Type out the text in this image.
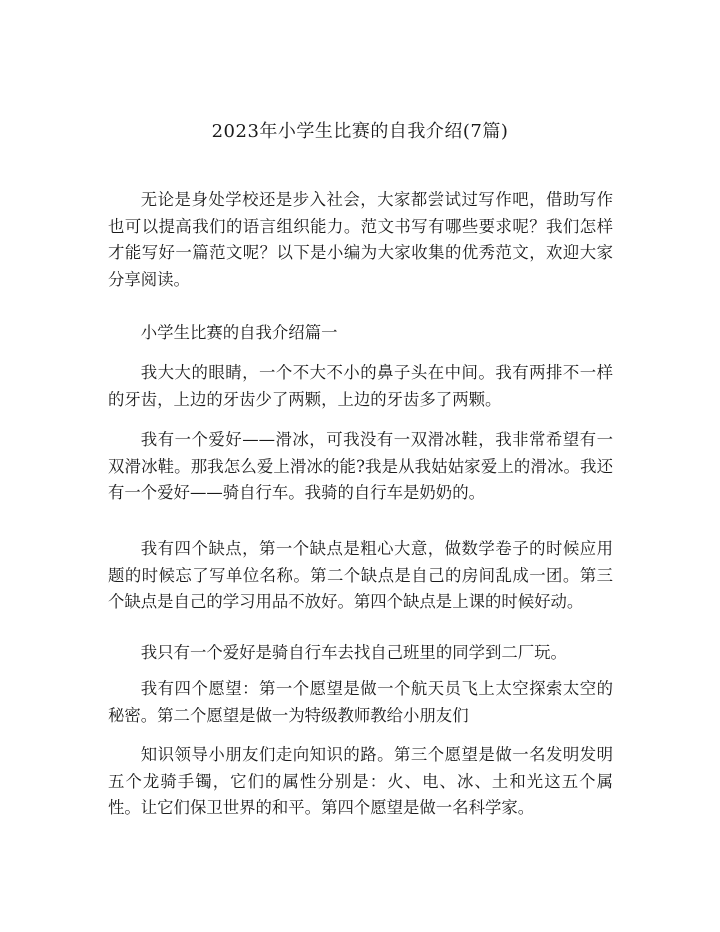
2023年小学生比赛的自我介绍(7篇)

无论是身处学校还是步入社会，大家都尝试过写作吧，借助写作也可以提高我们的语言组织能力。范文书写有哪些要求呢？我们怎样才能写好一篇范文呢？以下是小编为大家收集的优秀范文，欢迎大家分享阅读。

小学生比赛的自我介绍篇一

我大大的眼睛，一个不大不小的鼻子头在中间。我有两排不一样的牙齿，上边的牙齿少了两颗，上边的牙齿多了两颗。

我有一个爱好——滑冰，可我没有一双滑冰鞋，我非常希望有一双滑冰鞋。那我怎么爱上滑冰的能?我是从我姑姑家爱上的滑冰。我还有一个爱好——骑自行车。我骑的自行车是奶奶的。

我有四个缺点，第一个缺点是粗心大意，做数学卷子的时候应用题的时候忘了写单位名称。第二个缺点是自己的房间乱成一团。第三个缺点是自己的学习用品不放好。第四个缺点是上课的时候好动。

我只有一个爱好是骑自行车去找自己班里的同学到二厂玩。

我有四个愿望：第一个愿望是做一个航天员飞上太空探索太空的秘密。第二个愿望是做一为特级教师教给小朋友们

知识领导小朋友们走向知识的路。第三个愿望是做一名发明发明五个龙骑手镯，它们的属性分别是：火、电、冰、土和光这五个属性。让它们保卫世界的和平。第四个愿望是做一名科学家。
